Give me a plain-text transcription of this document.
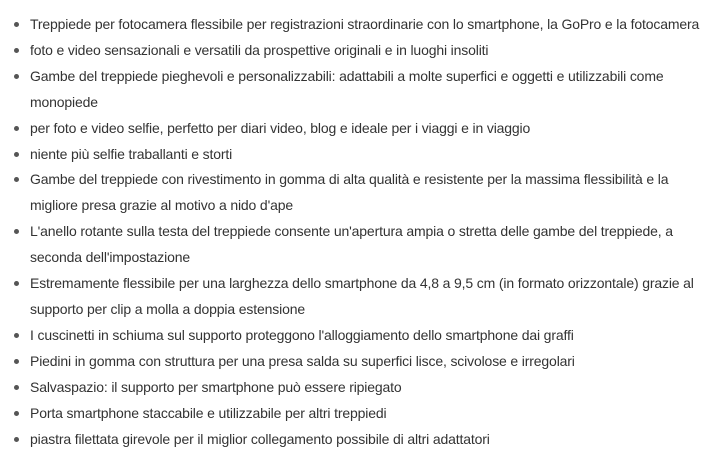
Treppiede per fotocamera flessibile per registrazioni straordinarie con lo smartphone, la GoPro e la fotocamera
foto e video sensazionali e versatili da prospettive originali e in luoghi insoliti
Gambe del treppiede pieghevoli e personalizzabili: adattabili a molte superfici e oggetti e utilizzabili come monopiede
per foto e video selfie, perfetto per diari video, blog e ideale per i viaggi e in viaggio
niente più selfie traballanti e storti
Gambe del treppiede con rivestimento in gomma di alta qualità e resistente per la massima flessibilità e la migliore presa grazie al motivo a nido d'ape
L'anello rotante sulla testa del treppiede consente un'apertura ampia o stretta delle gambe del treppiede, a seconda dell'impostazione
Estremamente flessibile per una larghezza dello smartphone da 4,8 a 9,5 cm (in formato orizzontale) grazie al supporto per clip a molla a doppia estensione
I cuscinetti in schiuma sul supporto proteggono l'alloggiamento dello smartphone dai graffi
Piedini in gomma con struttura per una presa salda su superfici lisce, scivolose e irregolari
Salvaspazio: il supporto per smartphone può essere ripiegato
Porta smartphone staccabile e utilizzabile per altri treppiedi
piastra filettata girevole per il miglior collegamento possibile di altri adattatori
